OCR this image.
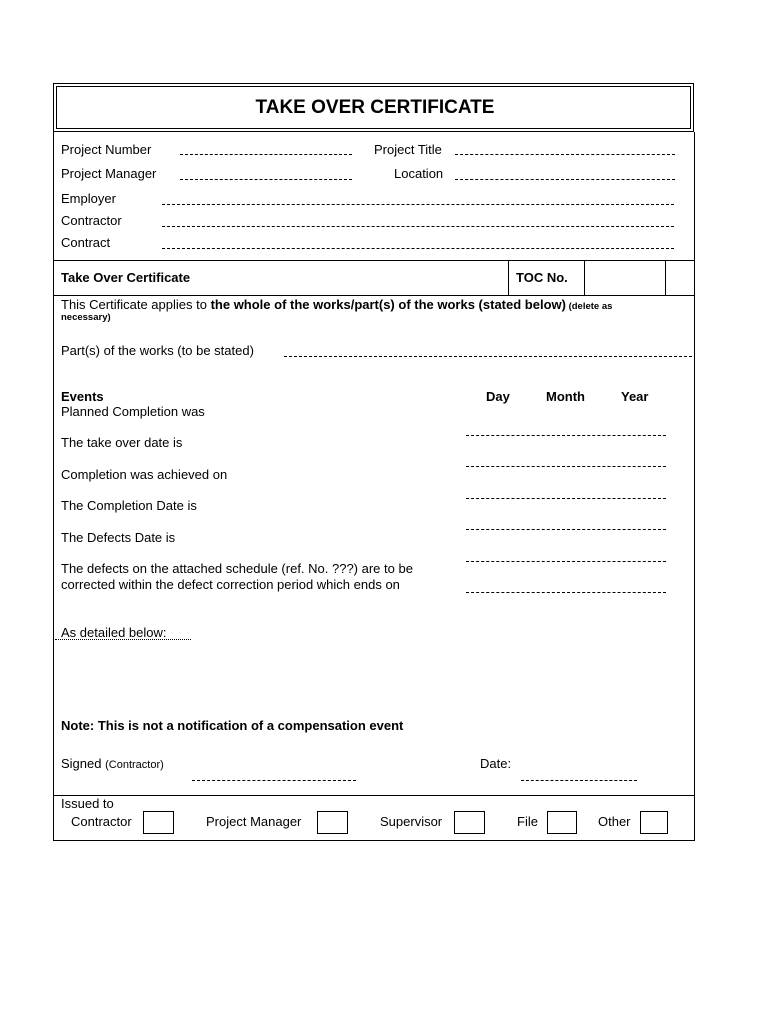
TAKE OVER CERTIFICATE
Project Number	Project Title
Project Manager	Location
Employer
Contractor
Contract
Take Over Certificate	TOC No.
This Certificate applies to the whole of the works/part(s) of the works (stated below) (delete as
necessary)
Part(s) of the works (to be stated)
Events	Day	Month	Year
Planned Completion was
The take over date is
Completion was achieved on
The Completion Date is
The Defects Date is
The defects on the attached schedule (ref. No. ???) are to be
corrected within the defect correction period which ends on
As detailed below:
Note: This is not a notification of a compensation event
Signed (Contractor)	Date:
Issued to
Contractor	Project Manager	Supervisor	File	Other
